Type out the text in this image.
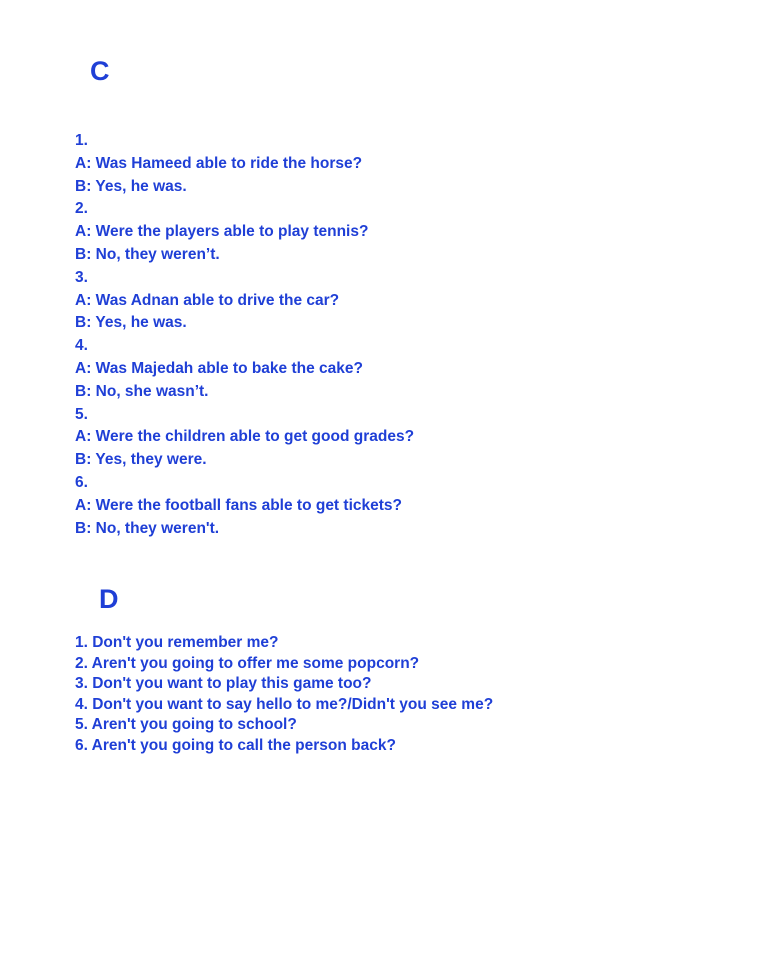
C
1.
A: Was Hameed able to ride the horse?
B: Yes, he was.
2.
A: Were the players able to play tennis?
B: No, they weren’t.
3.
A: Was Adnan able to drive the car?
B: Yes, he was.
4.
A: Was Majedah able to bake the cake?
B: No, she wasn’t.
5.
A: Were the children able to get good grades?
B: Yes, they were.
6.
A: Were the football fans able to get tickets?
B: No, they weren't.
D
1. Don't you remember me?
2. Aren't you going to offer me some popcorn?
3. Don't you want to play this game too?
4. Don't you want to say hello to me?/Didn't you see me?
5. Aren't you going to school?
6. Aren't you going to call the person back?
